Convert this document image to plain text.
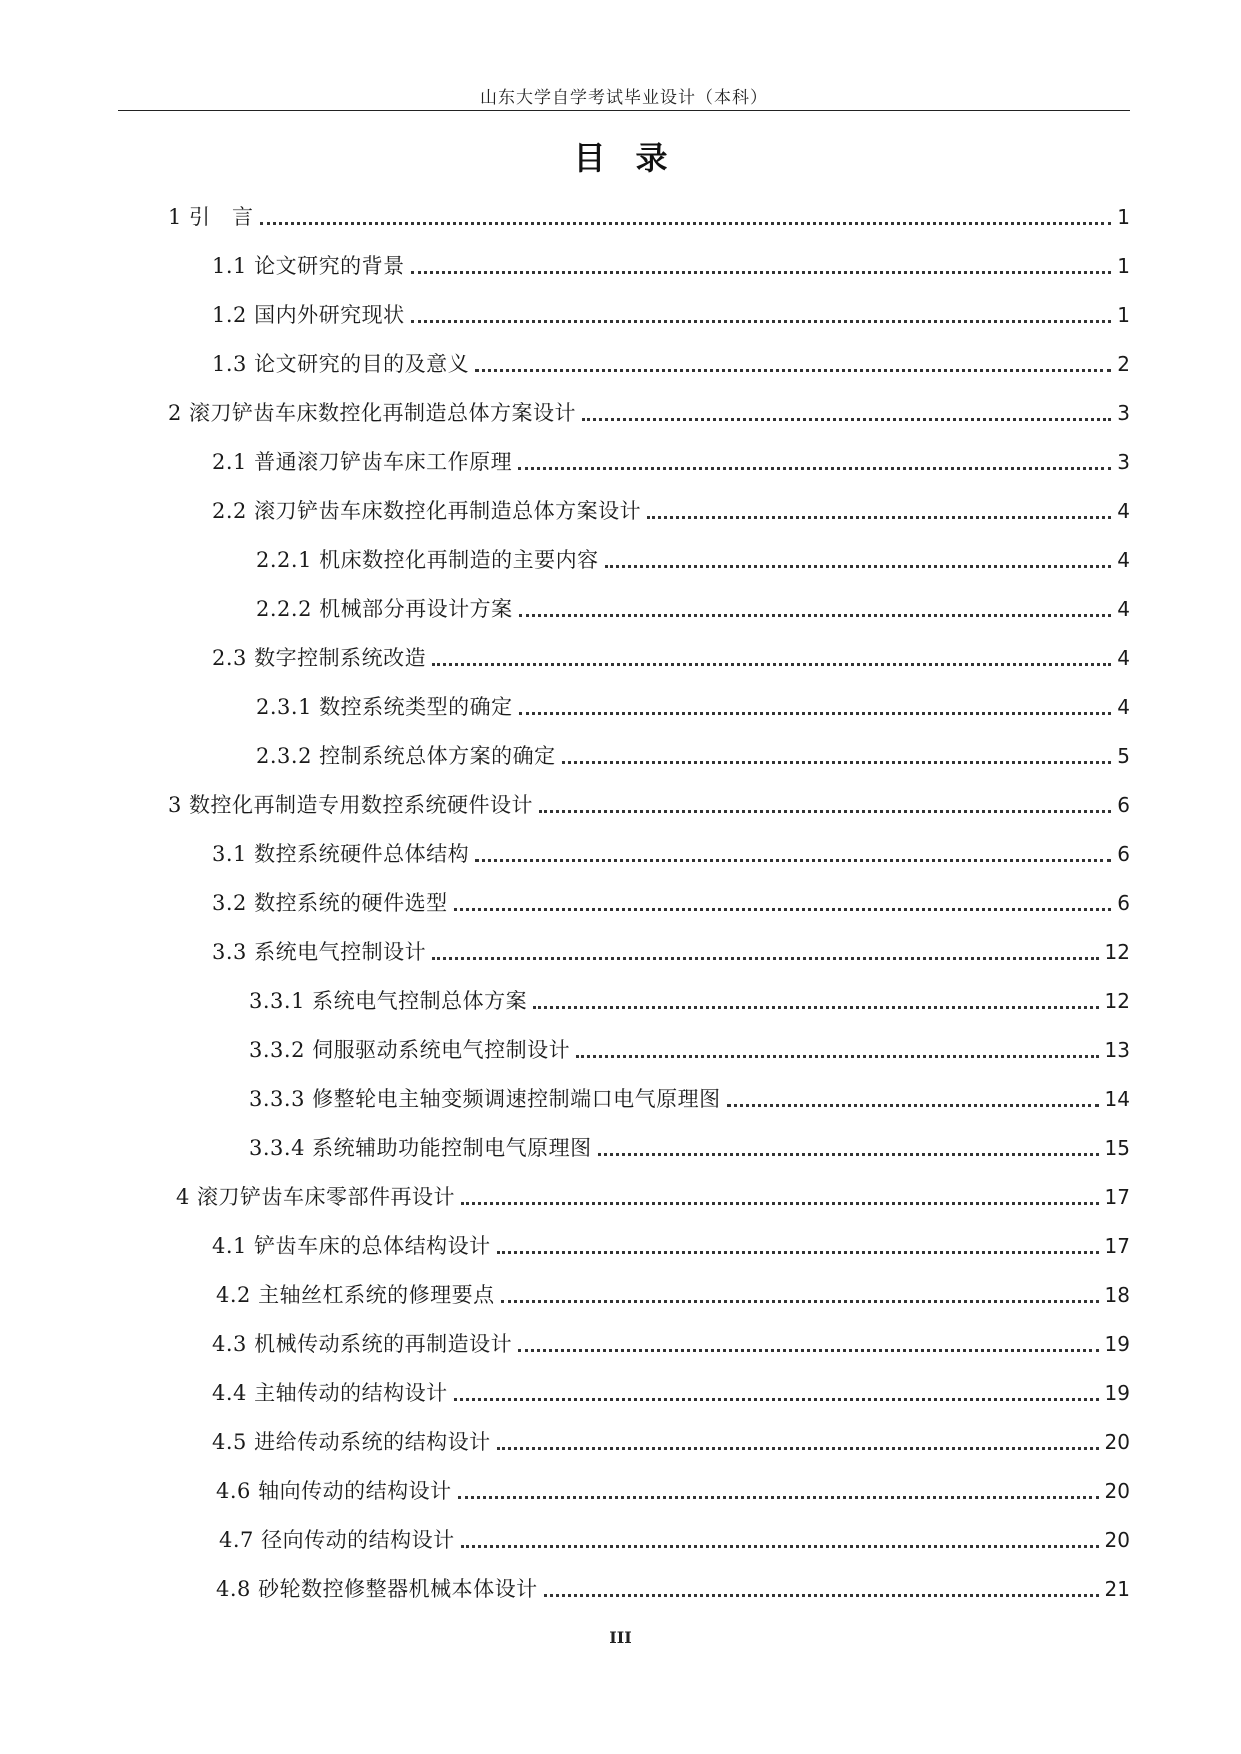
山东大学自学考试毕业设计（本科）
目录
1 引　言	1
1.1 论文研究的背景	1
1.2 国内外研究现状	1
1.3 论文研究的目的及意义	2
2 滚刀铲齿车床数控化再制造总体方案设计	3
2.1 普通滚刀铲齿车床工作原理	3
2.2 滚刀铲齿车床数控化再制造总体方案设计	4
2.2.1 机床数控化再制造的主要内容	4
2.2.2 机械部分再设计方案	4
2.3 数字控制系统改造	4
2.3.1 数控系统类型的确定	4
2.3.2 控制系统总体方案的确定	5
3 数控化再制造专用数控系统硬件设计	6
3.1 数控系统硬件总体结构	6
3.2 数控系统的硬件选型	6
3.3 系统电气控制设计	12
3.3.1 系统电气控制总体方案	12
3.3.2 伺服驱动系统电气控制设计	13
3.3.3 修整轮电主轴变频调速控制端口电气原理图	14
3.3.4 系统辅助功能控制电气原理图	15
4 滚刀铲齿车床零部件再设计	17
4.1 铲齿车床的总体结构设计	17
4.2 主轴丝杠系统的修理要点	18
4.3 机械传动系统的再制造设计	19
4.4 主轴传动的结构设计	19
4.5 进给传动系统的结构设计	20
4.6 轴向传动的结构设计	20
4.7 径向传动的结构设计	20
4.8 砂轮数控修整器机械本体设计	21
III
